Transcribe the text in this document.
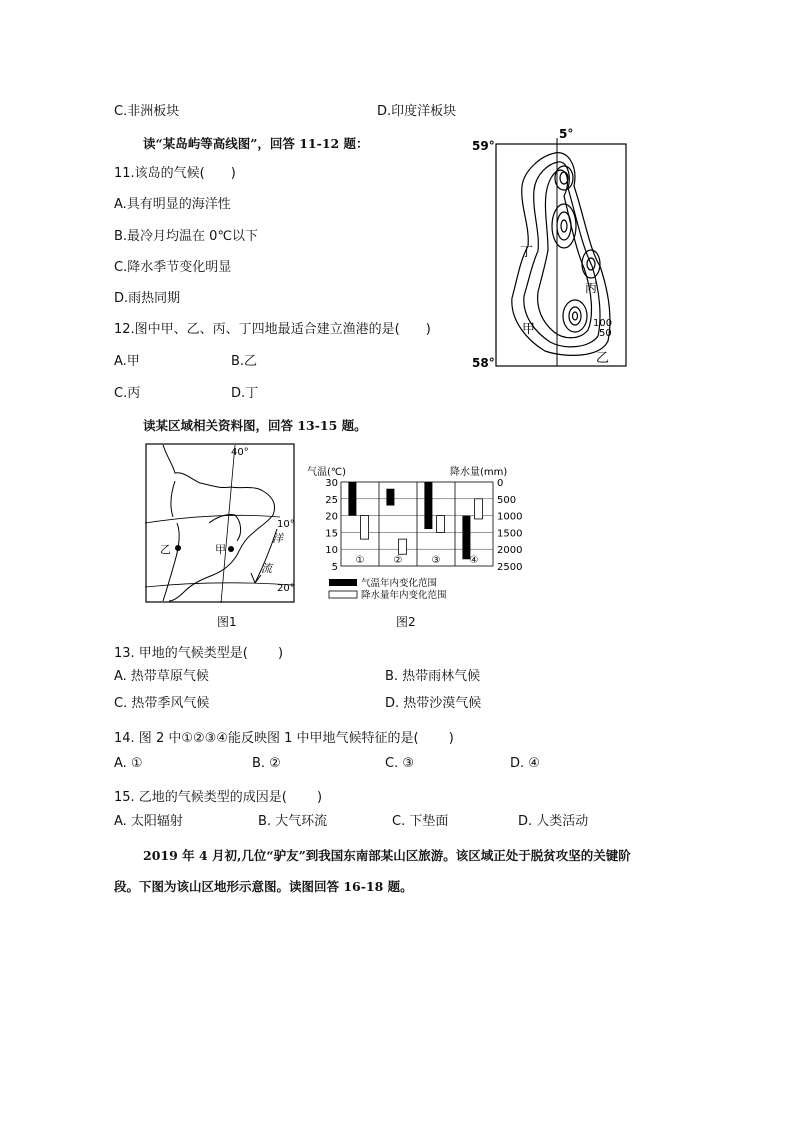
C.非洲板块	D.印度洋板块
读“某岛屿等高线图”，回答 11-12 题：
11.该岛的气候(　　)
A.具有明显的海洋性
B.最冷月均温在 0℃以下
C.降水季节变化明显
D.雨热同期
12.图中甲、乙、丙、丁四地最适合建立渔港的是(　　)
A.甲	B.乙
C.丙	D.丁
5°
59°
58°
丁
丙
甲
乙
100
50
读某区域相关资料图，回答 13-15 题。
40°
10°
20°
洋
流
乙	甲
图1
气温(℃)	降水量(mm)
30
25
20
15
10
5
0
500
1000
1500
2000
2500
①	②	③	④
气温年内变化范围
降水量年内变化范围
图2
13. 甲地的气候类型是(　　 )
A. 热带草原气候	B. 热带雨林气候
C. 热带季风气候	D. 热带沙漠气候
14. 图 2 中①②③④能反映图 1 中甲地气候特征的是(　　 )
A. ①	B. ②	C. ③	D. ④
15. 乙地的气候类型的成因是(　　 )
A. 太阳辐射	B. 大气环流	C. 下垫面	D. 人类活动
2019 年 4 月初,几位“驴友”到我国东南部某山区旅游。该区域正处于脱贫攻坚的关键阶
段。下图为该山区地形示意图。读图回答 16-18 题。
